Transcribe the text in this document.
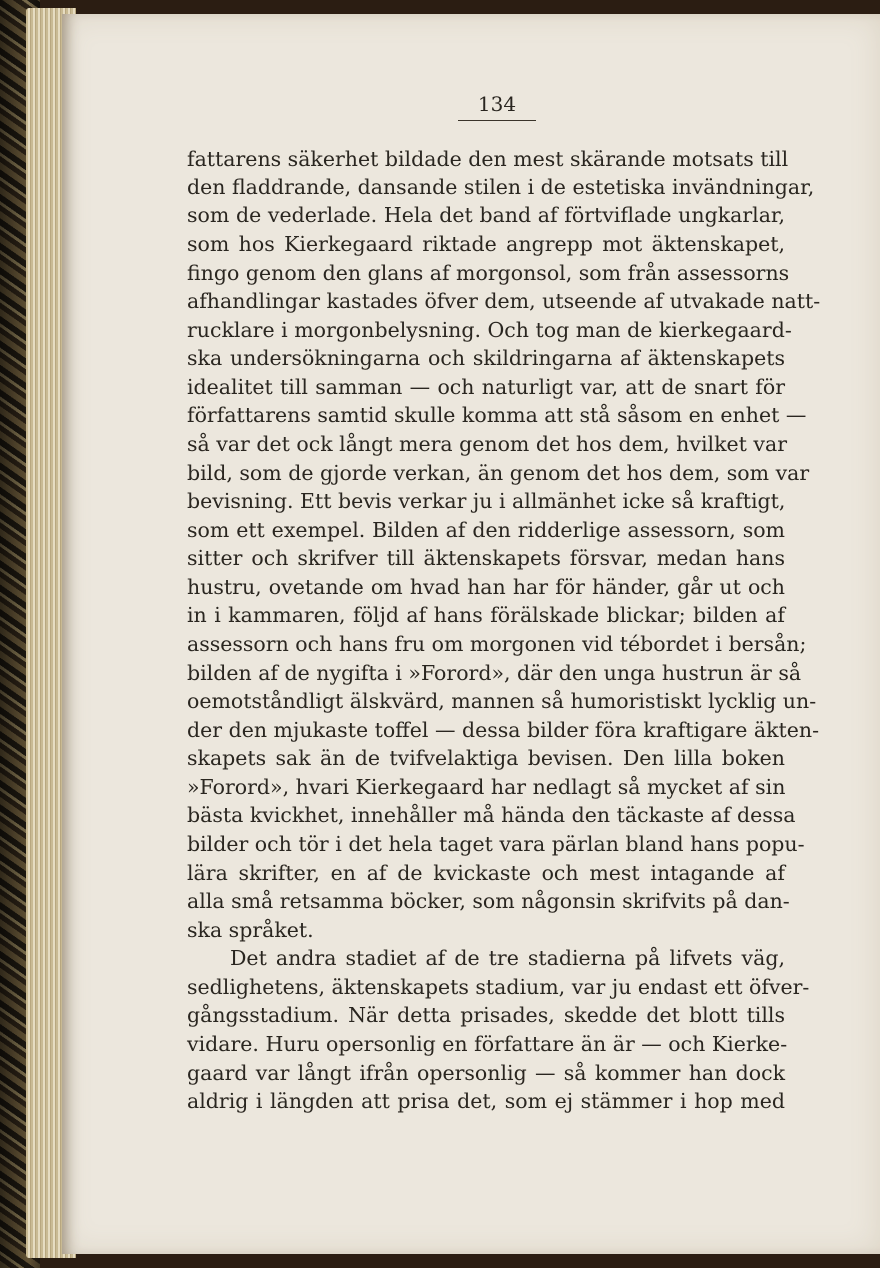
134
fattarens säkerhet bildade den mest skärande motsats till
den fladdrande, dansande stilen i de estetiska invändningar,
som de vederlade. Hela det band af förtviflade ungkarlar,
som hos Kierkegaard riktade angrepp mot äktenskapet,
fingo genom den glans af morgonsol, som från assessorns
afhandlingar kastades öfver dem, utseende af utvakade natt-
rucklare i morgonbelysning. Och tog man de kierkegaard-
ska undersökningarna och skildringarna af äktenskapets
idealitet till samman — och naturligt var, att de snart för
författarens samtid skulle komma att stå såsom en enhet —
så var det ock långt mera genom det hos dem, hvilket var
bild, som de gjorde verkan, än genom det hos dem, som var
bevisning. Ett bevis verkar ju i allmänhet icke så kraftigt,
som ett exempel. Bilden af den ridderlige assessorn, som
sitter och skrifver till äktenskapets försvar, medan hans
hustru, ovetande om hvad han har för händer, går ut och
in i kammaren, följd af hans förälskade blickar; bilden af
assessorn och hans fru om morgonen vid tébordet i bersån;
bilden af de nygifta i »Forord», där den unga hustrun är så
oemotståndligt älskvärd, mannen så humoristiskt lycklig un-
der den mjukaste toffel — dessa bilder föra kraftigare äkten-
skapets sak än de tvifvelaktiga bevisen. Den lilla boken
»Forord», hvari Kierkegaard har nedlagt så mycket af sin
bästa kvickhet, innehåller må hända den täckaste af dessa
bilder och tör i det hela taget vara pärlan bland hans popu-
lära skrifter, en af de kvickaste och mest intagande af
alla små retsamma böcker, som någonsin skrifvits på dan-
ska språket.
Det andra stadiet af de tre stadierna på lifvets väg,
sedlighetens, äktenskapets stadium, var ju endast ett öfver-
gångsstadium. När detta prisades, skedde det blott tills
vidare. Huru opersonlig en författare än är — och Kierke-
gaard var långt ifrån opersonlig — så kommer han dock
aldrig i längden att prisa det, som ej stämmer i hop med
